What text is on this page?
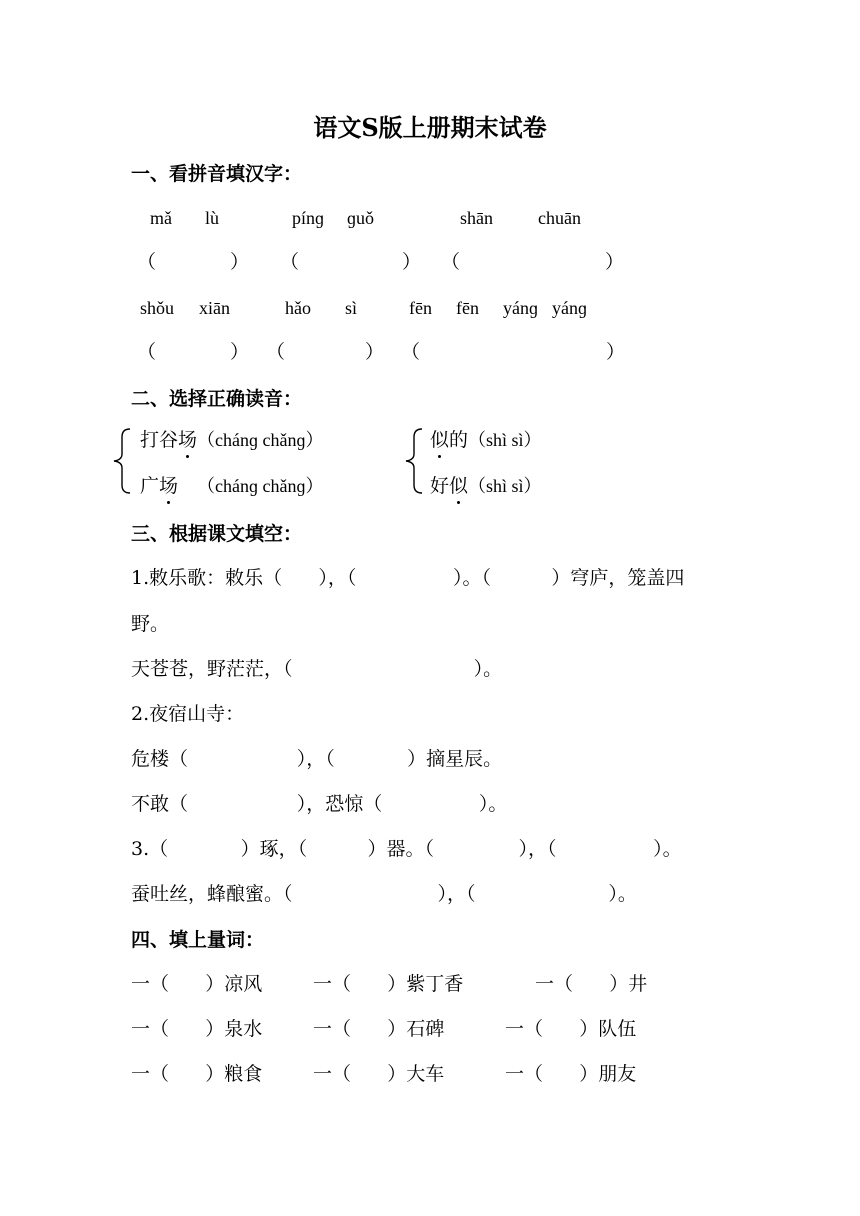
语文S版上册期末试卷
一、看拼音填汉字：
mǎ lù	pínɡ ɡuǒ	shān	chuān
（	） （	） （	）
shǒu xiān	hǎo sì	fēn fēn yánɡ yánɡ
（	） （	） （	）
二、选择正确读音：
打谷场（chánɡ chǎnɡ）
广场 （chánɡ chǎnɡ）
似的（shì sì）
好似（shì sì）
三、根据课文填空：
1.敕乐歌：敕乐（      ），（                ）。（          ）穹庐，笼盖四
野。
天苍苍，野茫茫，（                              ）。
2.夜宿山寺：
危楼（                  ），（            ）摘星辰。
不敢（                  ），恐惊（                ）。
3.（            ）琢，（          ）器。（              ），（                ）。
蚕吐丝，蜂酿蜜。（                        ），（                      ）。
四、填上量词：
一（      ）凉风	一（      ）紫丁香	一（      ）井
一（      ）泉水	一（      ）石碑	一（      ）队伍
一（      ）粮食	一（      ）大车	一（      ）朋友
